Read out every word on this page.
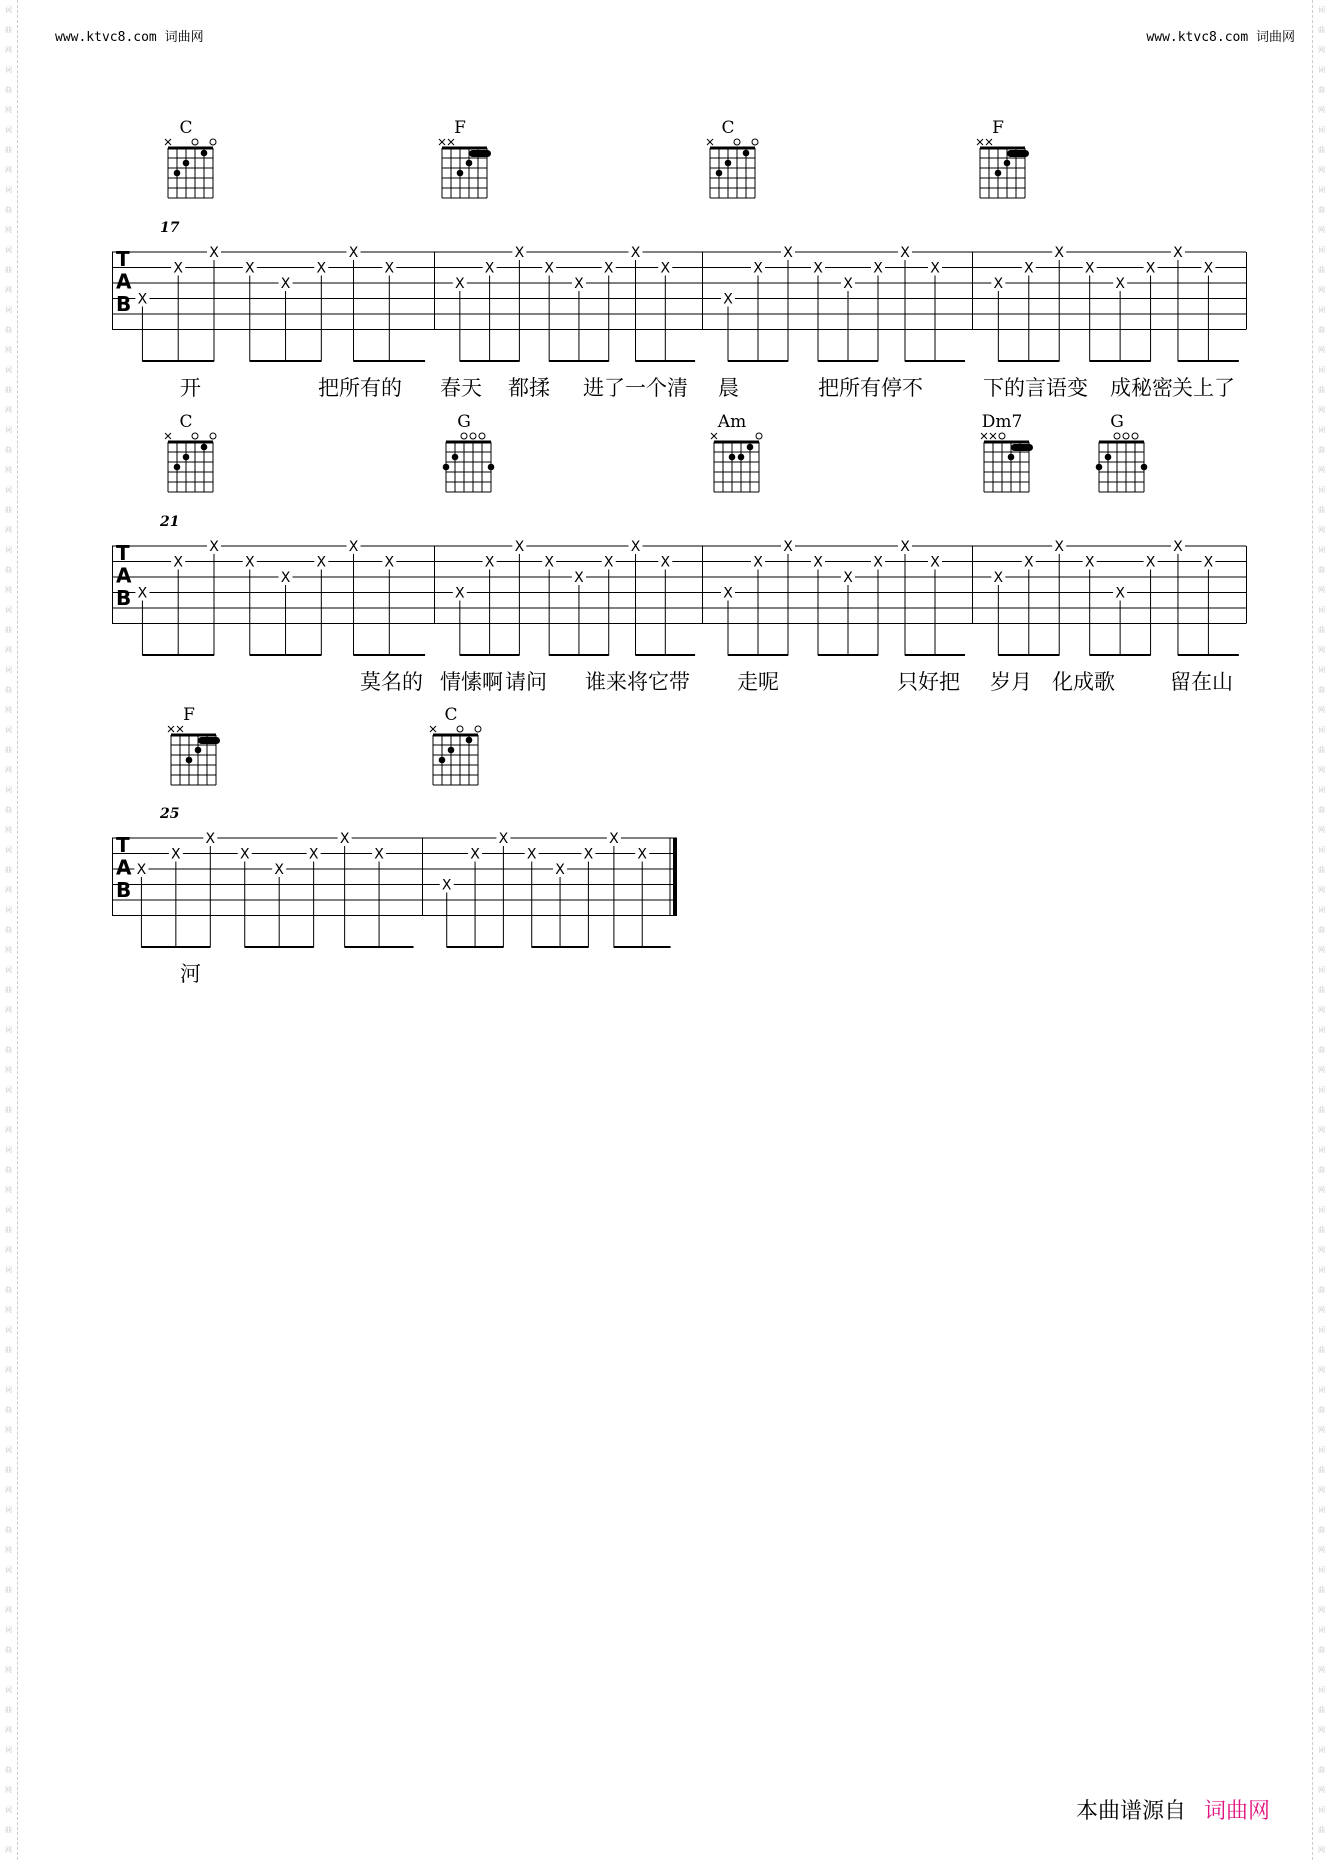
词
曲
网
词
曲
网
词
曲
网
词
曲
网
词
曲
网
词
曲
网
词
曲
网
词
曲
网
词
曲
网
词
曲
网
词
曲
网
词
曲
网
词
曲
网
词
曲
网
词
曲
网
词
曲
网
词
曲
网
词
曲
网
词
曲
网
词
曲
网
词
曲
网
词
曲
网
词
曲
网
词
曲
网
词
曲
网
词
曲
网
词
曲
网
词
曲
网
词
曲
网
词
曲
网
词
曲
网
词
曲
网
词
曲
网
词
曲
网
词
曲
网
词
曲
网
词
曲
网
词
曲
网
词
曲
网
词
曲
网
词
曲
网
词
曲
网
词
曲
网
词
曲
网
词
曲
网
词
曲
网
词
曲
网
词
曲
网
词
曲
网
词
曲
网
词
曲
网
词
曲
网
词
曲
网
词
曲
网
词
曲
网
词
曲
网
词
曲
网
词
曲
网
词
曲
网
词
曲
网
词
曲
网
词
曲
网
www.ktvc8.com 词曲网	www.ktvc8.com 词曲网
C	F	C	F
17
T
A
B X
X
X
X
X
X
X
X
X
X
X
X
X
X
X
X
X
X
X
X
X
X
X
X
X
X
X
X
X
X
X
X
开	把所有的 春天 都揉 进了一个清 晨	把所有停不	下的言语变 成秘密 关上了
C	G	Am	Dm7	G
21
T
A
B X
X
X
X
X
X
X
X
X
X
X
X
X
X
X
X
X
X
X
X
X
X
X
X
X
X
X
X
X
X
X
X
莫名的 情愫啊 请问 谁来将它带 走呢	只好把 岁月 化成歌	留在山
F	C
25
T
A
B
X
X
X
X
X
X
X
X
X
X
X
X
X
X
X
X
河
本曲谱源自 词曲网
